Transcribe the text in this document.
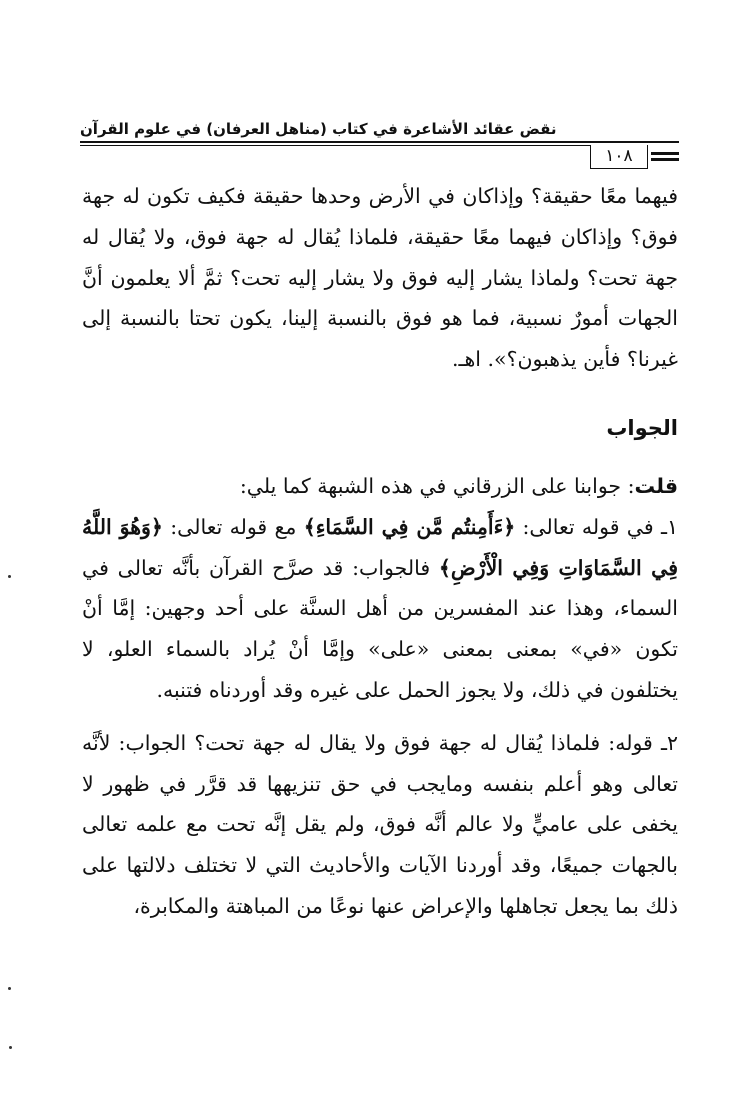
نقض عقائد الأشاعرة في كتاب (مناهل العرفان) في علوم القرآن
١٠٨

فيهما معًا حقيقة؟ وإذاكان في الأرض وحدها حقيقة فكيف تكون له جهة فوق؟ وإذاكان فيهما معًا حقيقة، فلماذا يُقال له جهة فوق، ولا يُقال له جهة تحت؟ ولماذا يشار إليه فوق ولا يشار إليه تحت؟ ثمَّ ألا يعلمون أنَّ الجهات أمورٌ نسبية، فما هو فوق بالنسبة إلينا، يكون تحتا بالنسبة إلى غيرنا؟ فأين يذهبون؟». اهـ.

الجواب

قلت: جوابنا على الزرقاني في هذه الشبهة كما يلي:

١ـ في قوله تعالى: ﴿ءَأَمِنتُم مَّن فِي السَّمَاءِ﴾ مع قوله تعالى: ﴿وَهُوَ اللَّهُ فِي السَّمَاوَاتِ وَفِي الْأَرْضِ﴾ فالجواب: قد صرَّح القرآن بأنَّه تعالى في السماء، وهذا عند المفسرين من أهل السنَّة على أحد وجهين: إمَّا أنْ تكون «في» بمعنى بمعنى «على» وإمَّا أنْ يُراد بالسماء العلو، لا يختلفون في ذلك، ولا يجوز الحمل على غيره وقد أوردناه فتنبه.

٢ـ قوله: فلماذا يُقال له جهة فوق ولا يقال له جهة تحت؟ الجواب: لأنَّه تعالى وهو أعلم بنفسه ومايجب في حق تنزيهها قد قرَّر في ظهور لا يخفى على عاميٍّ ولا عالم أنَّه فوق، ولم يقل إنَّه تحت مع علمه تعالى بالجهات جميعًا، وقد أوردنا الآيات والأحاديث التي لا تختلف دلالتها على ذلك بما يجعل تجاهلها والإعراض عنها نوعًا من المباهتة والمكابرة،
